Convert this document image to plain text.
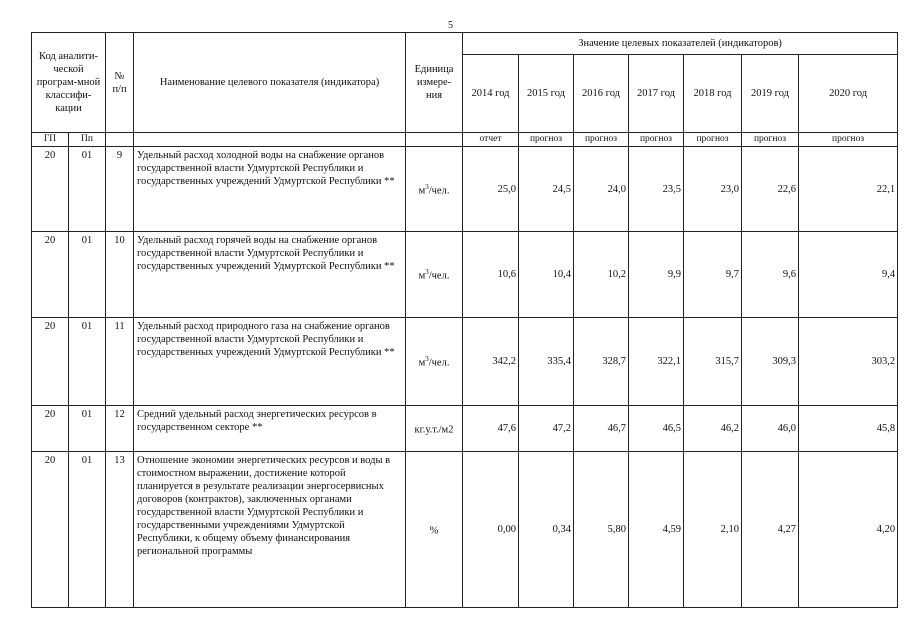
5
Код аналити-ческой програм-мной классифи-кации		№ п/п	Наименование целевого показателя (индикатора)	Единица измере-ния	Значение целевых показателей (индикаторов)						
					2014 год	2015 год	2016 год	2017 год	2018 год	2019 год	2020 год
ГП	Пп				отчет	прогноз	прогноз	прогноз	прогноз	прогноз	прогноз
20	01	9	Удельный расход холодной воды на снабжение органов государственной власти Удмуртской Республики и государственных учреждений Удмуртской Республики **	$м^3$/чел.	25,0	24,5	24,0	23,5	23,0	22,6	22,1
20	01	10	Удельный расход горячей воды на снабжение органов государственной власти Удмуртской Республики и государственных учреждений Удмуртской Республики **	$м^3$/чел.	10,6	10,4	10,2	9,9	9,7	9,6	9,4
20	01	11	Удельный расход природного газа на снабжение органов государственной власти Удмуртской Республики и государственных учреждений Удмуртской Республики **	$м^3$/чел.	342,2	335,4	328,7	322,1	315,7	309,3	303,2
20	01	12	Средний удельный расход энергетических ресурсов в государственном секторе **	кг.у.т./м2	47,6	47,2	46,7	46,5	46,2	46,0	45,8
20	01	13	Отношение экономии энергетических ресурсов и воды в стоимостном выражении, достижение которой планируется в результате реализации энергосервисных договоров (контрактов), заключенных органами государственной власти Удмуртской Республики и государственными учреждениями Удмуртской Республики, к общему объему финансирования региональной программы	%	0,00	0,34	5,80	4,59	2,10	4,27	4,20
